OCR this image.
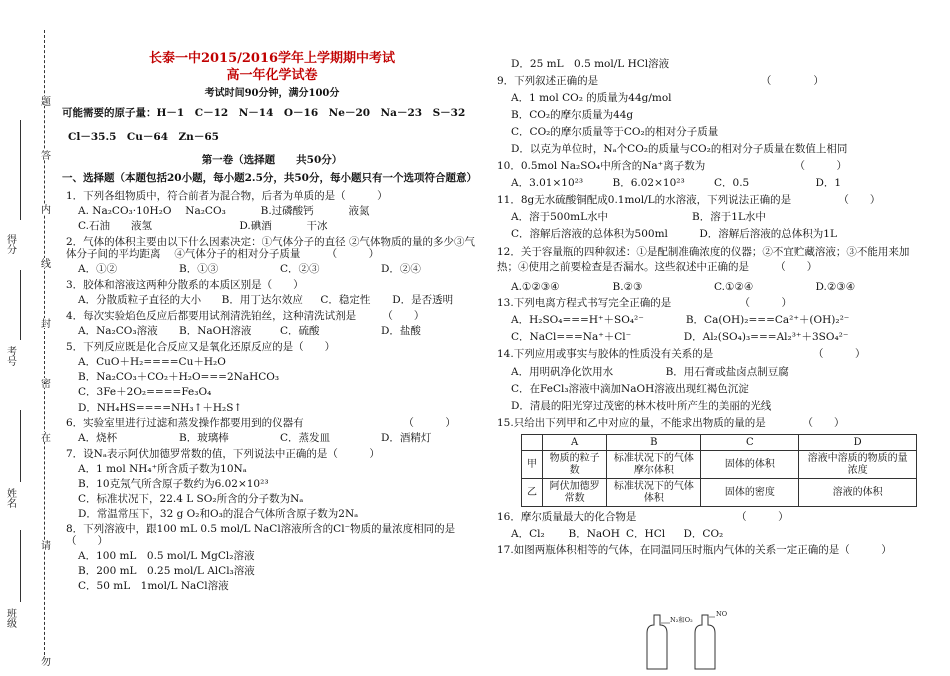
题
答
内
线
封
密
在
请
勿
得分
考号
姓名
班级
长泰一中2015/2016学年上学期期中考试
高一年化学试卷
考试时间90分钟，满分100分
可能需要的原子量：H－1　C－12　N－14　O－16　Ne－20　Na－23　S－32
Cl－35.5　Cu－64　Zn－65
第一卷（选择题　　共50分）
一、选择题（本题包括20小题，每小题2.5分，共50分，每小题只有一个选项符合题意）
1．下列各组物质中，符合前者为混合物，后者为单质的是（　　　）
A. Na₂CO₃·10H₂O　 Na₂CO₃　　　 B.过磷酸钙　　　 液氮
C.石油　　液氢　　　　　　　　 D.碘酒　　　 干冰
2．气体的体积主要由以下什么因素决定：①气体分子的直径 ②气体物质的量的多少③气体分子间的平均距离　 ④气体分子的相对分子质量　　　（　　　）
A．①②	B．①③	C．②③	D．②④
3．胶体和溶液这两种分散系的本质区别是（　　）
A．分散质粒子直径的大小	B．用丁达尔效应	C．稳定性	D．是否透明
4．每次实验焰色反应后都要用试剂清洗铂丝，这种清洗试剂是　　　（　　）
A．Na₂CO₃溶液	B．NaOH溶液	C．硫酸	D．盐酸
5．下列反应既是化合反应又是氧化还原反应的是（　　）
A．CuO＋H₂====Cu＋H₂O
B．Na₂CO₃＋CO₂＋H₂O===2NaHCO₃
C．3Fe＋2O₂====Fe₃O₄
D．NH₄HS====NH₃↑＋H₂S↑
6．实验室里进行过滤和蒸发操作都要用到的仪器有　　　　　　　　　　（　　　）
A．烧杯	B．玻璃棒	C．蒸发皿	D．酒精灯
7．设Nₐ表示阿伏加德罗常数的值，下列说法中正确的是（　　　）
A．1 mol NH₄⁺所含质子数为10Nₐ
B．10克氖气所含原子数约为6.02×10²³
C．标准状况下，22.4 L SO₂所含的分子数为Nₐ
D．常温常压下，32 g O₂和O₃的混合气体所含原子数为2Nₐ
8．下列溶液中，跟100 mL 0.5 mol/L NaCl溶液所含的Cl⁻物质的量浓度相同的是　（　　）
A．100 mL　0.5 mol/L MgCl₂溶液
B．200 mL　0.25 mol/L AlCl₃溶液
C．50 mL　1mol/L NaCl溶液
D．25 mL　0.5 mol/L HCl溶液
9．下列叙述正确的是　　　　　　　　　　　　　　　　（　　　　）
A．1 mol CO₂ 的质量为44g/mol
B．CO₂的摩尔质量为44g
C．CO₂的摩尔质量等于CO₂的相对分子质量
D．以克为单位时，Nₐ个CO₂的质量与CO₂的相对分子质量在数值上相同
10．0.5mol Na₂SO₄中所含的Na⁺离子数为　　　　　　　　　（　　　）
A．3.01×10²³	B．6.02×10²³	C．0.5	D．1
11．8g无水硫酸铜配成0.1mol/L的水溶液，下列说法正确的是　　　　　（　　）
A．溶于500mL水中　　　　　　　　B．溶于1L水中
C．溶解后溶液的总体积为500ml　　　D．溶解后溶液的总体积为1L
12．关于容量瓶的四种叙述：①是配制准确浓度的仪器；②不宜贮藏溶液；③不能用来加热；④使用之前要检查是否漏水。这些叙述中正确的是　　　（　　）
A.①②③④	B.②③	C.①②④	D.②③④
13.下列电离方程式书写完全正确的是　　　　　　　（　　　）
A．H₂SO₄===H⁺＋SO₄²⁻　　　　B．Ca(OH)₂===Ca²⁺＋(OH)₂²⁻
C．NaCl===Na⁺＋Cl⁻　　　　　D．Al₂(SO₄)₃===Al₂³⁺＋3SO₄²⁻
14.下列应用或事实与胶体的性质没有关系的是　　　　　　　　　　（　　　）
A．用明矾净化饮用水　　　　　B．用石膏或盐卤点制豆腐
C．在FeCl₃溶液中滴加NaOH溶液出现红褐色沉淀
D．清晨的阳光穿过茂密的林木枝叶所产生的美丽的光线
15.只给出下列甲和乙中对应的量，不能求出物质的量的是　　　　（　　）
	A	B	C	D
甲	物质的粒子数	标准状况下的气体摩尔体积	固体的体积	溶液中溶质的物质的量浓度
乙	阿伏加德罗常数	标准状况下的气体体积	固体的密度	溶液的体积
16．摩尔质量最大的化合物是　　　　　　　　　　（　　　）
A．Cl₂	B．NaOH C．HCl	D．CO₂
17.如图两瓶体积相等的气体，在同温同压时瓶内气体的关系一定正确的是（　　　）
N₂和O₂
NO
